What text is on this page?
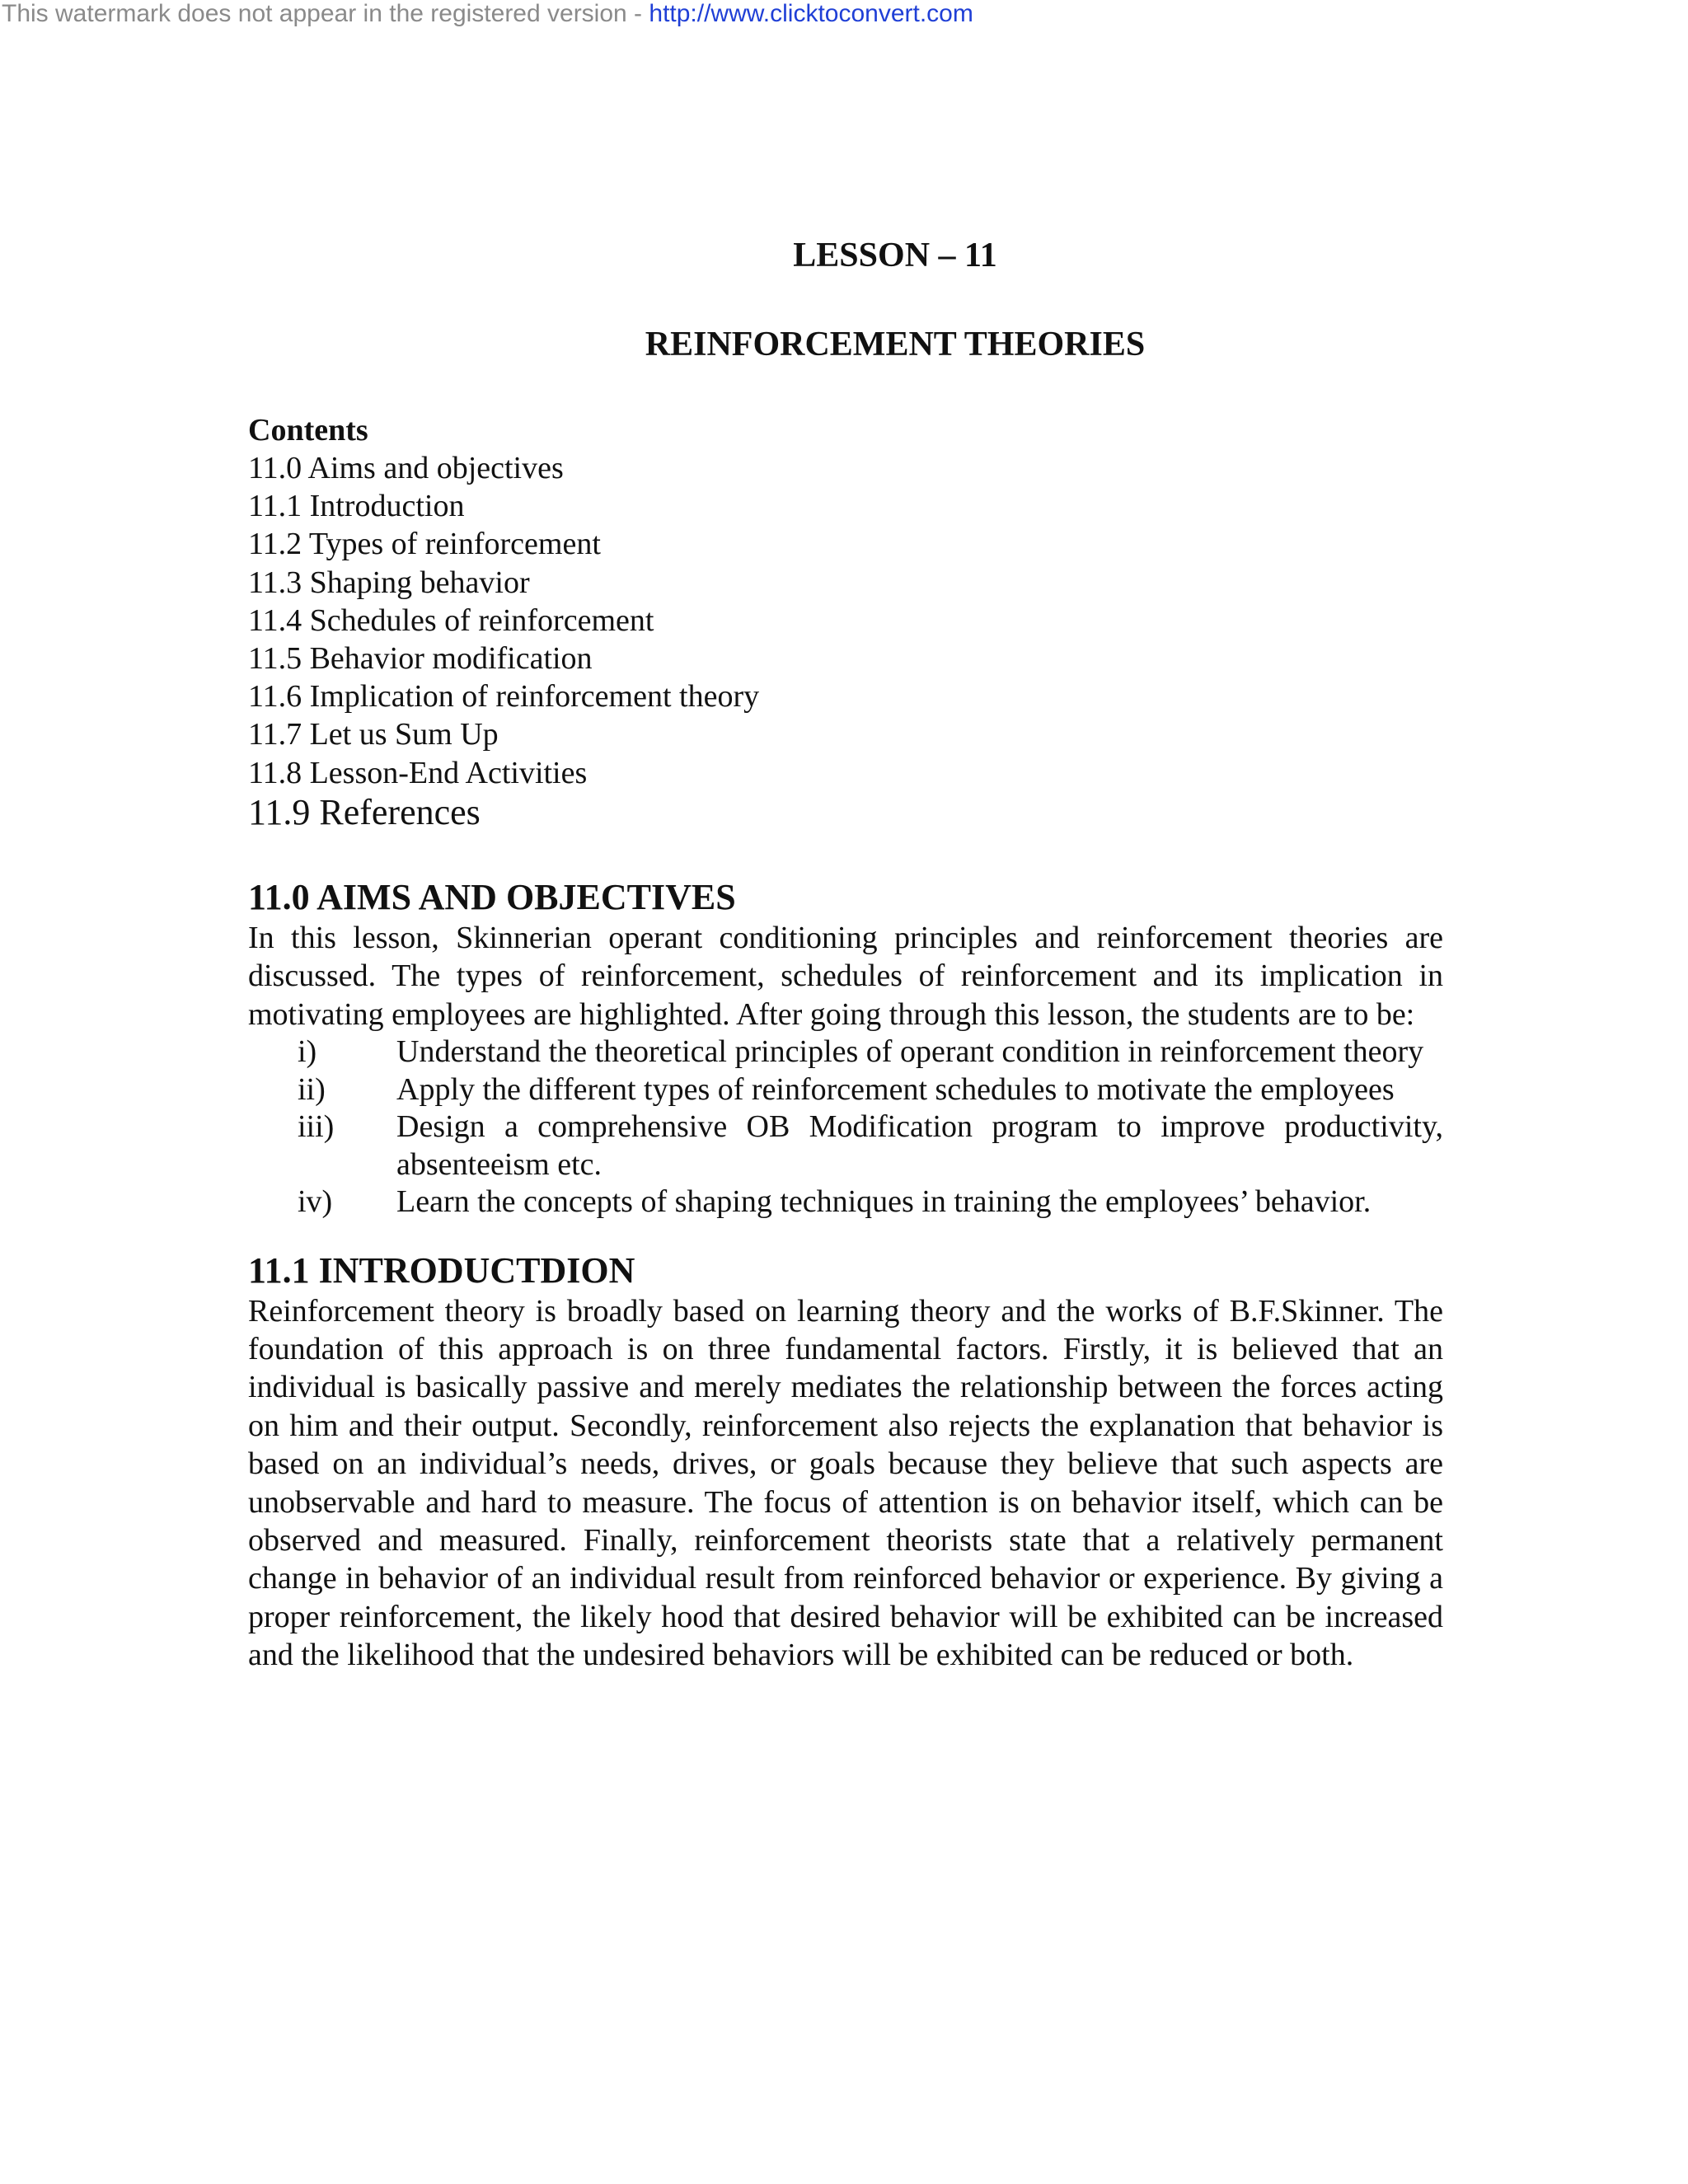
This watermark does not appear in the registered version - http://www.clicktoconvert.com
LESSON – 11
REINFORCEMENT THEORIES
Contents
11.0 Aims and objectives
11.1 Introduction
11.2 Types of reinforcement
11.3 Shaping behavior
11.4 Schedules of reinforcement
11.5 Behavior modification
11.6 Implication of reinforcement theory
11.7 Let us Sum Up
11.8 Lesson-End Activities
11.9 References
11.0 AIMS AND OBJECTIVES

In this lesson, Skinnerian operant conditioning principles and reinforcement theories are discussed. The types of reinforcement, schedules of reinforcement and its implication in motivating employees are highlighted. After going through this lesson, the students are to be:

i)	Understand the theoretical principles of operant condition in reinforcement theory
ii) Apply the different types of reinforcement schedules to motivate the employees
iii) Design a comprehensive OB Modification program to improve productivity, absenteeism etc.
iv) Learn the concepts of shaping techniques in training the employees’ behavior.
11.1 INTRODUCTDION

Reinforcement theory is broadly based on learning theory and the works of B.F.Skinner. The foundation of this approach is on three fundamental factors. Firstly, it is believed that an individual is basically passive and merely mediates the relationship between the forces acting on him and their output. Secondly, reinforcement also rejects the explanation that behavior is based on an individual’s needs, drives, or goals because they believe that such aspects are unobservable and hard to measure. The focus of attention is on behavior itself, which can be observed and measured. Finally, reinforcement theorists state that a relatively permanent change in behavior of an individual result from reinforced behavior or experience. By giving a proper reinforcement, the likely hood that desired behavior will be exhibited can be increased and the likelihood that the undesired behaviors will be exhibited can be reduced or both.
